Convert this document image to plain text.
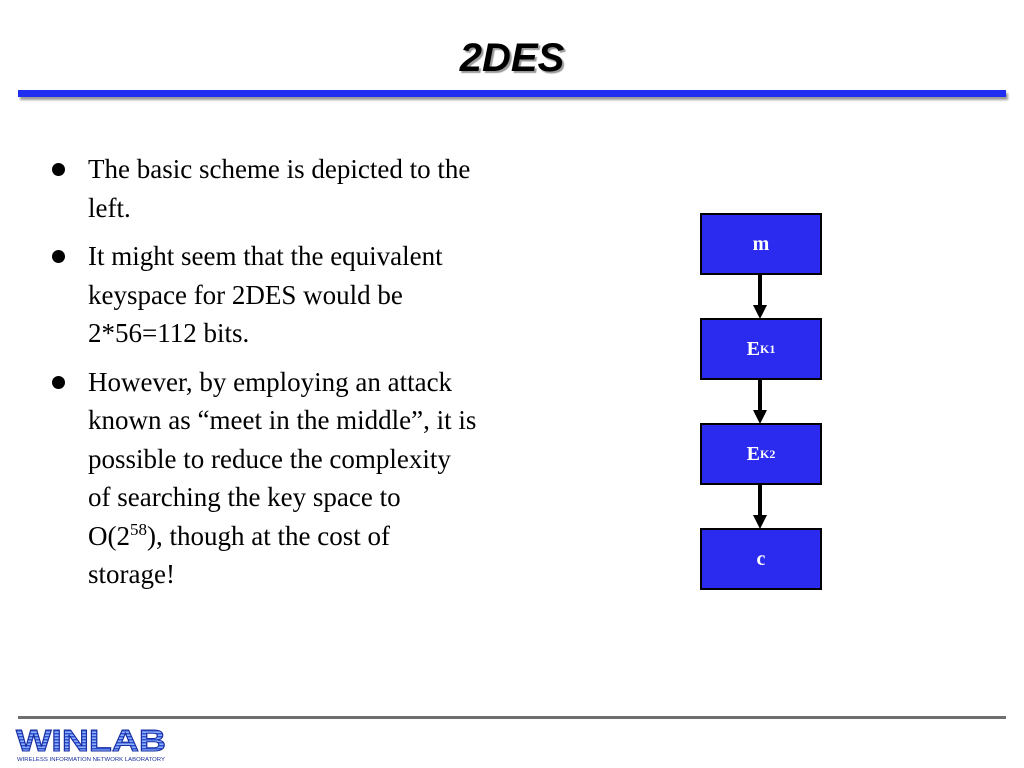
2DES
The basic scheme is depicted to the left.
It might seem that the equivalent keyspace for 2DES would be 2*56=112 bits.
However, by employing an attack known as “meet in the middle”, it is possible to reduce the complexity of searching the key space to $O(2^{58})$, though at the cost of storage!
m
E K1
E K2
c
WINLAB
WIRELESS INFORMATION NETWORK LABORATORY
